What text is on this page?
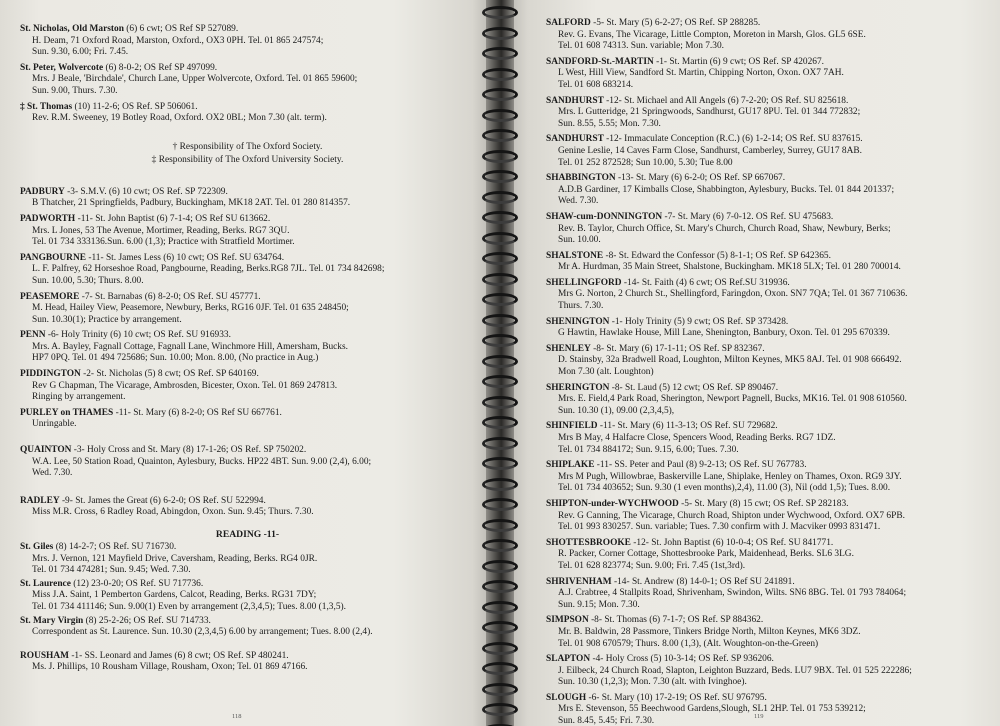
St. Nicholas, Old Marston (6) 6 cwt; OS Ref SP 527089.
H. Deam, 71 Oxford Road, Marston, Oxford., OX3 0PH. Tel. 01 865 247574;
Sun. 9.30, 6.00; Fri. 7.45.
St. Peter, Wolvercote (6) 8-0-2; OS Ref SP 497099.
Mrs. J Beale, 'Birchdale', Church Lane, Upper Wolvercote, Oxford. Tel. 01 865 59600;
Sun. 9.00, Thurs. 7.30.
‡ St. Thomas (10) 11-2-6; OS Ref. SP 506061.
Rev. R.M. Sweeney, 19 Botley Road, Oxford. OX2 0BL; Mon 7.30 (alt. term).
† Responsibility of The Oxford Society.
‡ Responsibility of The Oxford University Society.
PADBURY -3- S.M.V. (6) 10 cwt; OS Ref. SP 722309.
B Thatcher, 21 Springfields, Padbury, Buckingham, MK18 2AT. Tel. 01 280 814357.
PADWORTH -11- St. John Baptist (6) 7-1-4; OS Ref SU 613662.
Mrs. L Jones, 53 The Avenue, Mortimer, Reading, Berks. RG7 3QU.
Tel. 01 734 333136.Sun. 6.00 (1,3); Practice with Stratfield Mortimer.
PANGBOURNE -11- St. James Less (6) 10 cwt; OS Ref. SU 634764.
L. F. Palfrey, 62 Horseshoe Road, Pangbourne, Reading, Berks.RG8 7JL. Tel. 01 734 842698;
Sun. 10.00, 5.30; Thurs. 8.00.
PEASEMORE -7- St. Barnabas (6) 8-2-0; OS Ref. SU 457771.
M. Head, Hailey View, Peasemore, Newbury, Berks, RG16 0JF. Tel. 01 635 248450;
Sun. 10.30(1); Practice by arrangement.
PENN -6- Holy Trinity (6) 10 cwt; OS Ref. SU 916933.
Mrs. A. Bayley, Fagnall Cottage, Fagnall Lane, Winchmore Hill, Amersham, Bucks.
HP7 0PQ. Tel. 01 494 725686; Sun. 10.00; Mon. 8.00, (No practice in Aug.)
PIDDINGTON -2- St. Nicholas (5) 8 cwt; OS Ref. SP 640169.
Rev G Chapman, The Vicarage, Ambrosden, Bicester, Oxon. Tel. 01 869 247813.
Ringing by arrangement.
PURLEY on THAMES -11- St. Mary (6) 8-2-0; OS Ref SU 667761.
Unringable.
QUAINTON -3- Holy Cross and St. Mary (8) 17-1-26; OS Ref. SP 750202.
W.A. Lee, 50 Station Road, Quainton, Aylesbury, Bucks. HP22 4BT. Sun. 9.00 (2,4), 6.00;
Wed. 7.30.
RADLEY -9- St. James the Great (6) 6-2-0; OS Ref. SU 522994.
Miss M.R. Cross, 6 Radley Road, Abingdon, Oxon. Sun. 9.45; Thurs. 7.30.
READING -11-
St. Giles (8) 14-2-7; OS Ref. SU 716730.
Mrs. J. Vernon, 121 Mayfield Drive, Caversham, Reading, Berks. RG4 0JR.
Tel. 01 734 474281; Sun. 9.45; Wed. 7.30.
St. Laurence (12) 23-0-20; OS Ref. SU 717736.
Miss J.A. Saint, 1 Pemberton Gardens, Calcot, Reading, Berks. RG31 7DY;
Tel. 01 734 411146; Sun. 9.00(1) Even by arrangement (2,3,4,5); Tues. 8.00 (1,3,5).
St. Mary Virgin (8) 25-2-26; OS Ref. SU 714733.
Correspondent as St. Laurence. Sun. 10.30 (2,3,4,5) 6.00 by arrangement; Tues. 8.00 (2,4).
ROUSHAM -1- SS. Leonard and James (6) 8 cwt; OS Ref. SP 480241.
Ms. J. Phillips, 10 Rousham Village, Rousham, Oxon; Tel. 01 869 47166.
118
SALFORD -5- St. Mary (5) 6-2-27; OS Ref. SP 288285.
Rev. G. Evans, The Vicarage, Little Compton, Moreton in Marsh, Glos. GL5 6SE.
Tel. 01 608 74313. Sun. variable; Mon 7.30.
SANDFORD-St.-MARTIN -1- St. Martin (6) 9 cwt; OS Ref. SP 420267.
L West, Hill View, Sandford St. Martin, Chipping Norton, Oxon. OX7 7AH.
Tel. 01 608 683214.
SANDHURST -12- St. Michael and All Angels (6) 7-2-20; OS Ref. SU 825618.
Mrs. L Gutteridge, 21 Springwoods, Sandhurst, GU17 8PU. Tel. 01 344 772832;
Sun. 8.55, 5.55; Mon. 7.30.
SANDHURST -12- Immaculate Conception (R.C.) (6) 1-2-14; OS Ref. SU 837615.
Genine Leslie, 14 Caves Farm Close, Sandhurst, Camberley, Surrey, GU17 8AB.
Tel. 01 252 872528; Sun 10.00, 5.30; Tue 8.00
SHABBINGTON -13- St. Mary (6) 6-2-0; OS Ref. SP 667067.
A.D.B Gardiner, 17 Kimballs Close, Shabbington, Aylesbury, Bucks. Tel. 01 844 201337;
Wed. 7.30.
SHAW-cum-DONNINGTON -7- St. Mary (6) 7-0-12. OS Ref. SU 475683.
Rev. B. Taylor, Church Office, St. Mary's Church, Church Road, Shaw, Newbury, Berks;
Sun. 10.00.
SHALSTONE -8- St. Edward the Confessor (5) 8-1-1; OS Ref. SP 642365.
Mr A. Hurdman, 35 Main Street, Shalstone, Buckingham. MK18 5LX; Tel. 01 280 700014.
SHELLINGFORD -14- St. Faith (4) 6 cwt; OS Ref.SU 319936.
Mrs G. Norton, 2 Church St., Shellingford, Faringdon, Oxon. SN7 7QA; Tel. 01 367 710636.
Thurs. 7.30.
SHENINGTON -1- Holy Trinity (5) 9 cwt; OS Ref. SP 373428.
G Hawtin, Hawlake House, Mill Lane, Shenington, Banbury, Oxon. Tel. 01 295 670339.
SHENLEY -8- St. Mary (6) 17-1-11; OS Ref. SP 832367.
D. Stainsby, 32a Bradwell Road, Loughton, Milton Keynes, MK5 8AJ. Tel. 01 908 666492.
Mon 7.30 (alt. Loughton)
SHERINGTON -8- St. Laud (5) 12 cwt; OS Ref. SP 890467.
Mrs. E. Field,4 Park Road, Sherington, Newport Pagnell, Bucks, MK16. Tel. 01 908 610560.
Sun. 10.30 (1), 09.00 (2,3,4,5),
SHINFIELD -11- St. Mary (6) 11-3-13; OS Ref. SU 729682.
Mrs B May, 4 Halfacre Close, Spencers Wood, Reading Berks. RG7 1DZ.
Tel. 01 734 884172; Sun. 9.15, 6.00; Tues. 7.30.
SHIPLAKE -11- SS. Peter and Paul (8) 9-2-13; OS Ref. SU 767783.
Mrs M Pugh, Willowbrae, Baskerville Lane, Shiplake, Henley on Thames, Oxon. RG9 3JY.
Tel. 01 734 403652; Sun. 9.30 (1 even months),2,4), 11.00 (3), Nil (odd 1,5); Tues. 8.00.
SHIPTON-under-WYCHWOOD -5- St. Mary (8) 15 cwt; OS Ref. SP 282183.
Rev. G Canning, The Vicarage, Church Road, Shipton under Wychwood, Oxford. OX7 6PB.
Tel. 01 993 830257. Sun. variable; Tues. 7.30 confirm with J. Macviker 0993 831471.
SHOTTESBROOKE -12- St. John Baptist (6) 10-0-4; OS Ref. SU 841771.
R. Packer, Corner Cottage, Shottesbrooke Park, Maidenhead, Berks. SL6 3LG.
Tel. 01 628 823774; Sun. 9.00; Fri. 7.45 (1st,3rd).
SHRIVENHAM -14- St. Andrew (8) 14-0-1; OS Ref SU 241891.
A.J. Crabtree, 4 Stallpits Road, Shrivenham, Swindon, Wilts. SN6 8BG. Tel. 01 793 784064;
Sun. 9.15; Mon. 7.30.
SIMPSON -8- St. Thomas (6) 7-1-7; OS Ref. SP 884362.
Mr. B. Baldwin, 28 Passmore, Tinkers Bridge North, Milton Keynes, MK6 3DZ.
Tel. 01 908 670579; Thurs. 8.00 (1,3), (Alt. Woughton-on-the-Green)
SLAPTON -4- Holy Cross (5) 10-3-14; OS Ref. SP 936206.
J. Eilbeck, 24 Church Road, Slapton, Leighton Buzzard, Beds. LU7 9BX. Tel. 01 525 222286;
Sun. 10.30 (1,2,3); Mon. 7.30 (alt. with Ivinghoe).
SLOUGH -6- St. Mary (10) 17-2-19; OS Ref. SU 976795.
Mrs E. Stevenson, 55 Beechwood Gardens,Slough, SL1 2HP. Tel. 01 753 539212;
Sun. 8.45, 5.45; Fri. 7.30.	119
